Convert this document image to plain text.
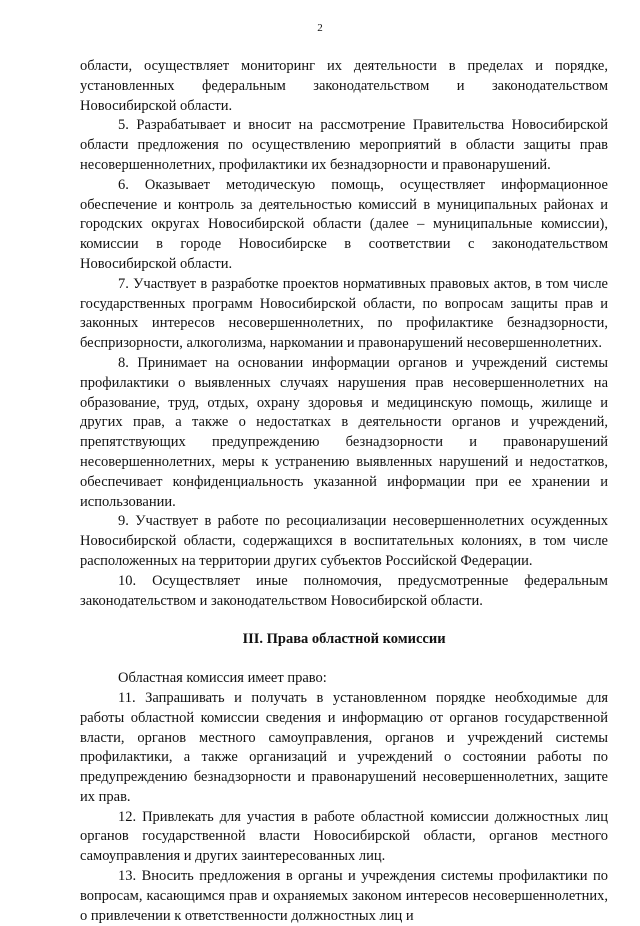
2

области, осуществляет мониторинг их деятельности в пределах и порядке, установленных федеральным законодательством и законодательством Новосибирской области.

5. Разрабатывает и вносит на рассмотрение Правительства Новосибирской области предложения по осуществлению мероприятий в области защиты прав несовершеннолетних, профилактики их безнадзорности и правонарушений.

6. Оказывает методическую помощь, осуществляет информационное обеспечение и контроль за деятельностью комиссий в муниципальных районах и городских округах Новосибирской области (далее – муниципальные комиссии), комиссии в городе Новосибирске в соответствии с законодательством Новосибирской области.

7. Участвует в разработке проектов нормативных правовых актов, в том числе государственных программ Новосибирской области, по вопросам защиты прав и законных интересов несовершеннолетних, по профилактике безнадзорности, беспризорности, алкоголизма, наркомании и правонарушений несовершеннолетних.

8. Принимает на основании информации органов и учреждений системы профилактики о выявленных случаях нарушения прав несовершеннолетних на образование, труд, отдых, охрану здоровья и медицинскую помощь, жилище и других прав, а также о недостатках в деятельности органов и учреждений, препятствующих предупреждению безнадзорности и правонарушений несовершеннолетних, меры к устранению выявленных нарушений и недостатков, обеспечивает конфиденциальность указанной информации при ее хранении и использовании.

9. Участвует в работе по ресоциализации несовершеннолетних осужденных Новосибирской области, содержащихся в воспитательных колониях, в том числе расположенных на территории других субъектов Российской Федерации.

10. Осуществляет иные полномочия, предусмотренные федеральным законодательством и законодательством Новосибирской области.

III. Права областной комиссии

Областная комиссия имеет право:

11. Запрашивать и получать в установленном порядке необходимые для работы областной комиссии сведения и информацию от органов государственной власти, органов местного самоуправления, органов и учреждений системы профилактики, а также организаций и учреждений о состоянии работы по предупреждению безнадзорности и правонарушений несовершеннолетних, защите их прав.

12. Привлекать для участия в работе областной комиссии должностных лиц органов государственной власти Новосибирской области, органов местного самоуправления и других заинтересованных лиц.

13. Вносить предложения в органы и учреждения системы профилактики по вопросам, касающимся прав и охраняемых законом интересов несовершеннолетних, о привлечении к ответственности должностных лиц и
